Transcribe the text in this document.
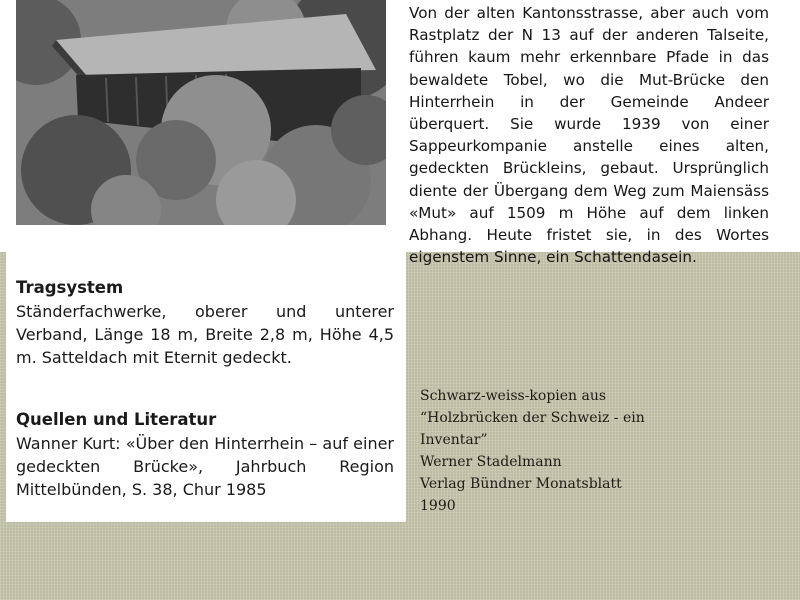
Von der alten Kantonsstrasse, aber auch vom Rastplatz der N 13 auf der anderen Talseite, führen kaum mehr erkennbare Pfade in das bewaldete Tobel, wo die Mut-Brücke den Hinterrhein in der Gemeinde Andeer überquert. Sie wurde 1939 von einer Sappeurkompanie anstelle eines alten, gedeckten Brückleins, gebaut. Ursprünglich diente der Übergang dem Weg zum Maiensäss «Mut» auf 1509 m Höhe auf dem linken Abhang. Heute fristet sie, in des Wortes eigenstem Sinne, ein Schattendasein.
Tragsystem

Ständerfachwerke, oberer und unterer Verband, Länge 18 m, Breite 2,8 m, Höhe 4,5 m. Satteldach mit Eternit gedeckt.

Quellen und Literatur

Wanner Kurt: «Über den Hinterrhein – auf einer gedeckten Brücke», Jahrbuch Region Mittelbünden, S. 38, Chur 1985

Schwarz-weiss-kopien aus
“Holzbrücken der Schweiz - ein
Inventar”
Werner Stadelmann
Verlag Bündner Monatsblatt
1990
